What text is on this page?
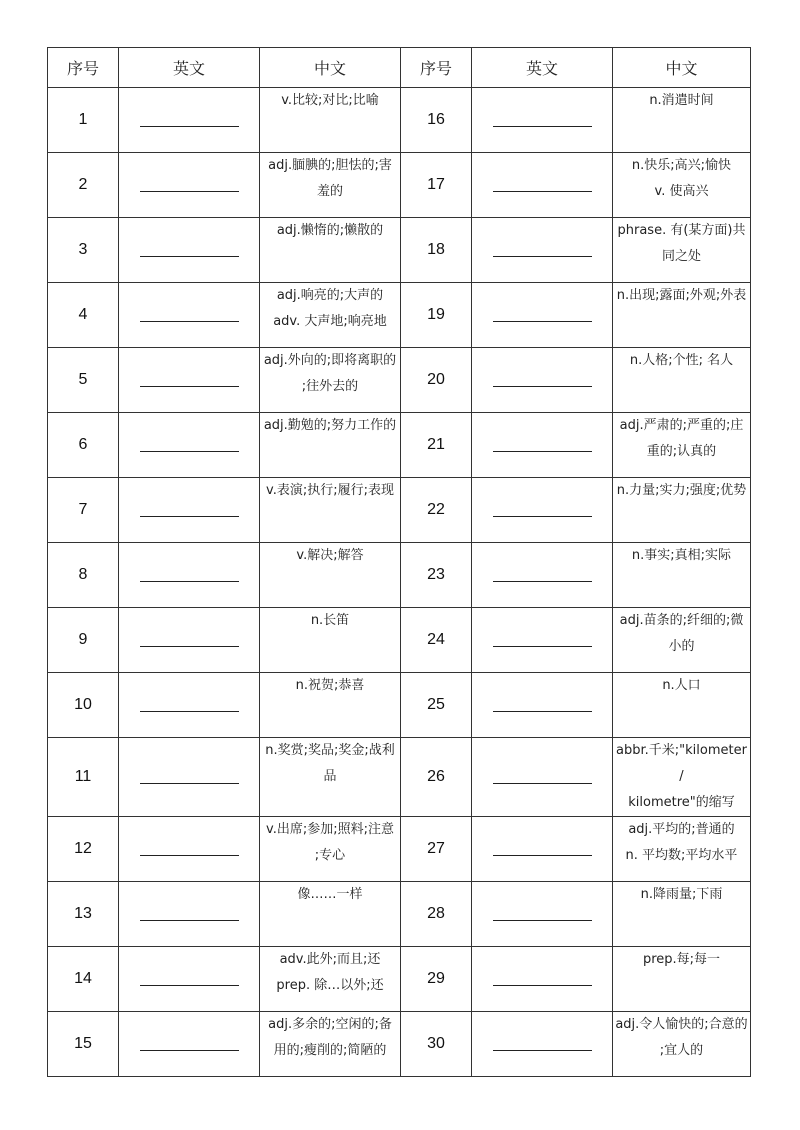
序号	英文	中文	序号	英文	中文
1		v.比较;对比;比喻	16		n.消遣时间

2		adj.腼腆的;胆怯的;害
羞的	17		n.快乐;高兴;愉快
v. 使高兴

3		adj.懒惰的;懒散的	18		phrase. 有(某方面)共
同之处

4		adj.响亮的;大声的
adv. 大声地;响亮地	19		n.出现;露面;外观;外表

5		adj.外向的;即将离职的
;往外去的	20		n.人格;个性; 名人

6		adj.勤勉的;努力工作的	21		adj.严肃的;严重的;庄
重的;认真的

7		v.表演;执行;履行;表现	22		n.力量;实力;强度;优势

8		v.解决;解答	23		n.事实;真相;实际

9		n.长笛	24		adj.苗条的;纤细的;微
小的

10		n.祝贺;恭喜	25		n.人口

11		n.奖赏;奖品;奖金;战利
品	26		abbr.千米;"kilometer /
kilometre"的缩写

12		v.出席;参加;照料;注意
;专心	27		adj.平均的;普通的
n. 平均数;平均水平

13		像……一样	28		n.降雨量;下雨

14		adv.此外;而且;还
prep. 除…以外;还	29		prep.每;每一

15		adj.多余的;空闲的;备
用的;瘦削的;简陋的	30		adj.令人愉快的;合意的
;宜人的
